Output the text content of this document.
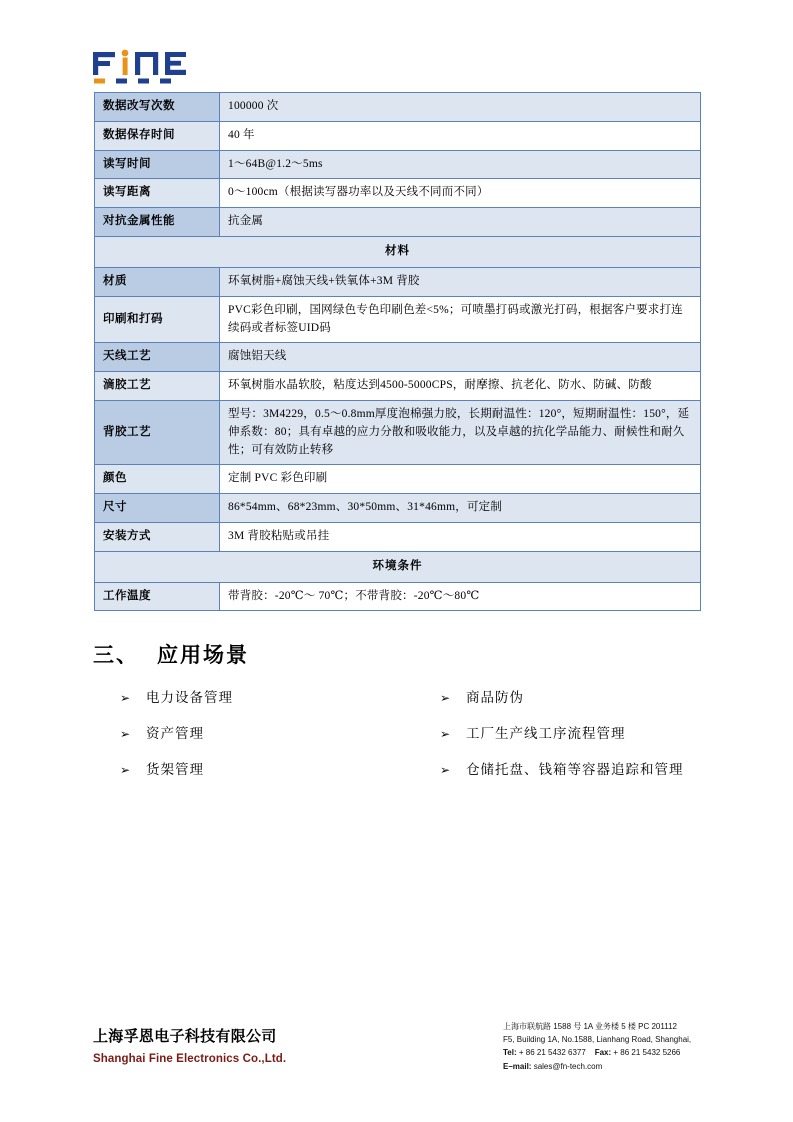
数据改写次数	100000 次
数据保存时间	40 年
读写时间	1～64B@1.2～5ms
读写距离	0～100cm（根据读写器功率以及天线不同而不同）
对抗金属性能	抗金属
材料	
材质	环氧树脂+腐蚀天线+铁氧体+3M 背胶
印刷和打码	PVC彩色印刷，国网绿色专色印刷色差<5%；可喷墨打码或激光打码，根据客户要求打连续码或者标签UID码
天线工艺	腐蚀铝天线
滴胶工艺	环氧树脂水晶软胶，粘度达到4500-5000CPS，耐摩擦、抗老化、防水、防碱、防酸
背胶工艺	型号：3M4229，0.5～0.8mm厚度泡棉强力胶，长期耐温性：120°，短期耐温性：150°，延伸系数：80；具有卓越的应力分散和吸收能力，以及卓越的抗化学品能力、耐候性和耐久性；可有效防止转移
颜色	定制 PVC 彩色印刷
尺寸	86*54mm、68*23mm、30*50mm、31*46mm，可定制
安装方式	3M 背胶粘贴或吊挂
环境条件	
工作温度	带背胶：-20℃～ 70℃；不带背胶：-20℃～80℃
三、 应用场景
➢	电力设备管理	➢	商品防伪
➢	资产管理	➢	工厂生产线工序流程管理
➢	货架管理	➢	仓储托盘、钱箱等容器追踪和管理

上海孚恩电子科技有限公司

Shanghai Fine Electronics Co.,Ltd.

上海市联航路 1588 号 1A 业务楼 5 楼 PC 201112
F5, Building 1A, No.1588, Lianhang Road, Shanghai,
Tel: + 86 21 5432 6377 Fax: + 86 21 5432 5266
E–mail: sales@fn-tech.com
